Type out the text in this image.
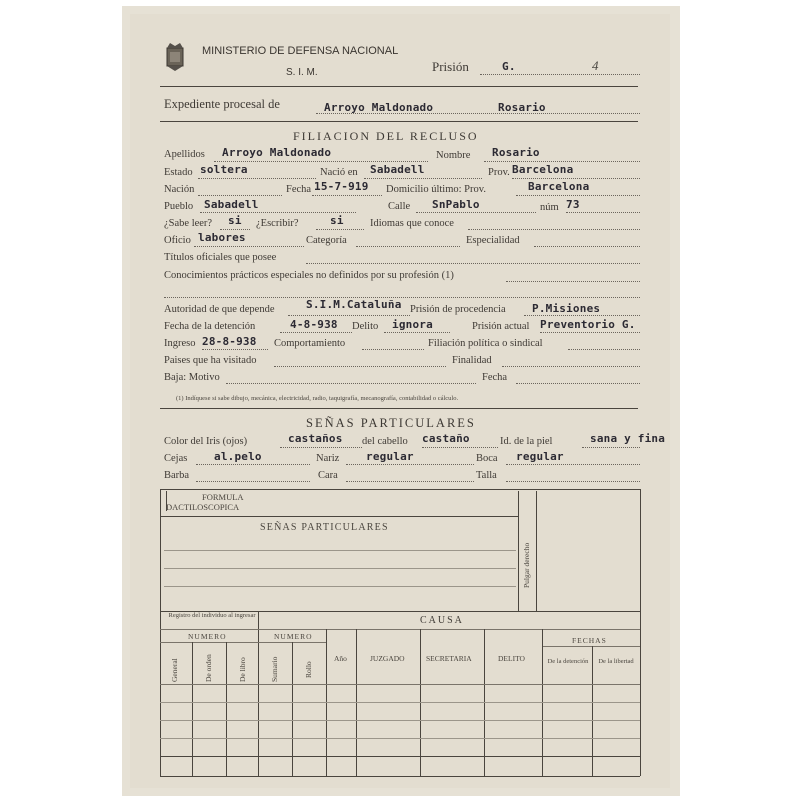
MINISTERIO DE DEFENSA NACIONAL
S. I. M.	Prisión	G.	4
Expediente procesal de	Arroyo Maldonado	Rosario
FILIACION DEL RECLUSO
Apellidos Arroyo Maldonado	Nombre Rosario
Estado soltera	Nació en Sabadell	Prov. Barcelona
Nación	Fecha 15-7-919 Domicilio último: Prov.	Barcelona
Pueblo Sabadell	Calle SnPablo	núm 73
¿Sabe leer? si ¿Escribir?	si	Idiomas que conoce
Oficio labores	Categoría	Especialidad
Títulos oficiales que posee
Conocimientos prácticos especiales no definidos por su profesión (1)
Autoridad de que depende	S.I.M.Cataluña Prisión de procedencia P.Misiones
Fecha de la detención	4-8-938 Delito ignora	Prisión actual Preventorio G.
Ingreso 28-8-938 Comportamiento	Filiación política o sindical
Paises que ha visitado	Finalidad
Baja: Motivo	Fecha
(1) Indíquese si sabe dibujo, mecánica, electricidad, radio, taquigrafía, mecanografía, contabilidad o cálculo.
SEÑAS PARTICULARES
Color del Iris (ojos)	castaños del cabello castaño	Id. de la piel	sana y fina
Cejas al.pelo	Nariz regular	Boca regular
Barba	Cara	Talla
FORMULA
DACTILOSCOPICA
SEÑAS PARTICULARES
Pulgar derecho
Registro del individuo al ingresar	CAUSA
NUMERO	NUMERO	FECHAS
General	De orden	De libro	Sumario	Rollo
Año	JUZGADO	SECRETARIA	DELITO	De la detención	De la libertad
